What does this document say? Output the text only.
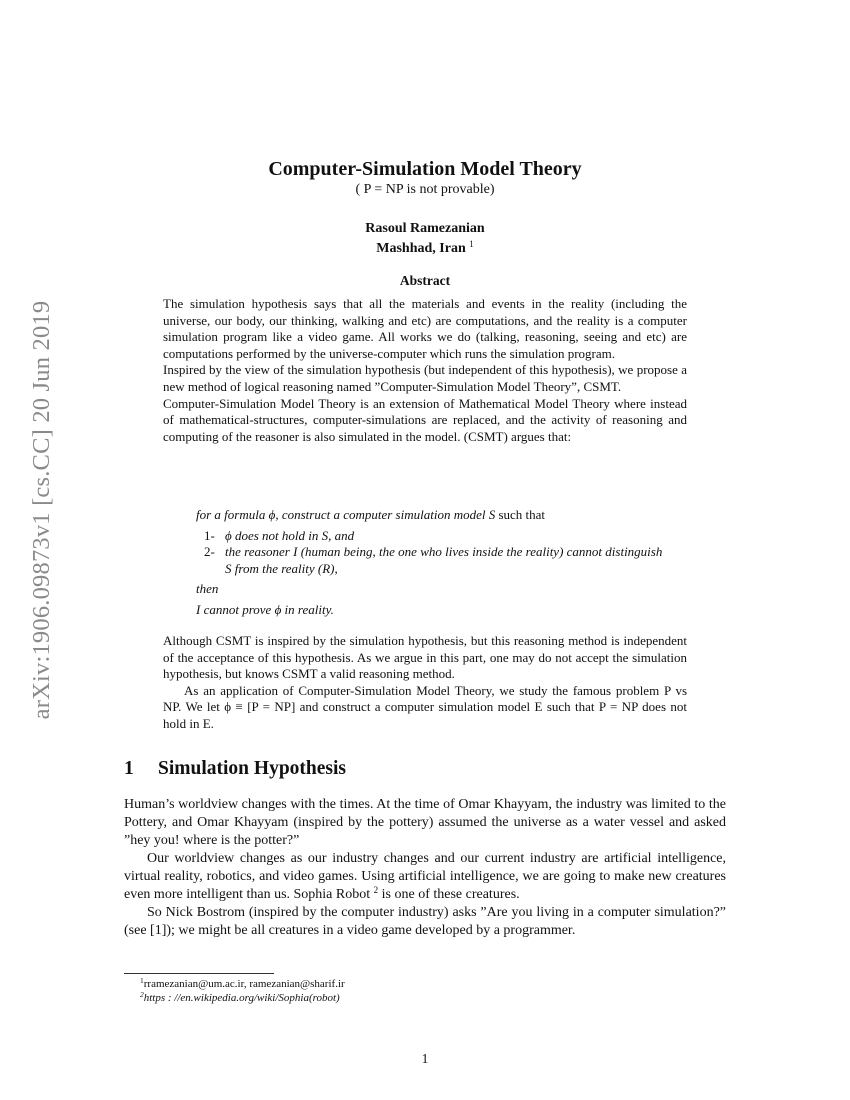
arXiv:1906.09873v1 [cs.CC] 20 Jun 2019
Computer-Simulation Model Theory
( P = NP is not provable)
Rasoul Ramezanian
Mashhad, Iran $^1$
Abstract

The simulation hypothesis says that all the materials and events in the reality (including the universe, our body, our thinking, walking and etc) are computations, and the reality is a computer simulation program like a video game. All works we do (talking, reasoning, seeing and etc) are computations performed by the universe-computer which runs the simulation program.

Inspired by the view of the simulation hypothesis (but independent of this hypothesis), we propose a new method of logical reasoning named ”Computer-Simulation Model Theory”, CSMT.

Computer-Simulation Model Theory is an extension of Mathematical Model Theory where instead of mathematical-structures, computer-simulations are replaced, and the activity of reasoning and computing of the reasoner is also simulated in the model. (CSMT) argues that:

for a formula ϕ, construct a computer simulation model S such that
1- ϕ does not hold in S, and
2- the reasoner I (human being, the one who lives inside the reality) cannot distinguish S from the reality (R),
then
I cannot prove ϕ in reality.

Although CSMT is inspired by the simulation hypothesis, but this reasoning method is independent of the acceptance of this hypothesis. As we argue in this part, one may do not accept the simulation hypothesis, but knows CSMT a valid reasoning method.

As an application of Computer-Simulation Model Theory, we study the famous problem P vs NP. We let ϕ ≡ [P = NP] and construct a computer simulation model E such that P = NP does not hold in E.

1 Simulation Hypothesis

Human’s worldview changes with the times. At the time of Omar Khayyam, the industry was limited to the Pottery, and Omar Khayyam (inspired by the pottery) assumed the universe as a water vessel and asked ”hey you! where is the potter?”

Our worldview changes as our industry changes and our current industry are artificial intelligence, virtual reality, robotics, and video games. Using artificial intelligence, we are going to make new creatures even more intelligent than us. Sophia Robot $^2$ is one of these creatures.

So Nick Bostrom (inspired by the computer industry) asks ”Are you living in a computer simulation?” (see [1]); we might be all creatures in a video game developed by a programmer.

$^1$rramezanian@um.ac.ir, ramezanian@sharif.ir
$^2$https : //en.wikipedia.org/wiki/Sophia(robot)
1
